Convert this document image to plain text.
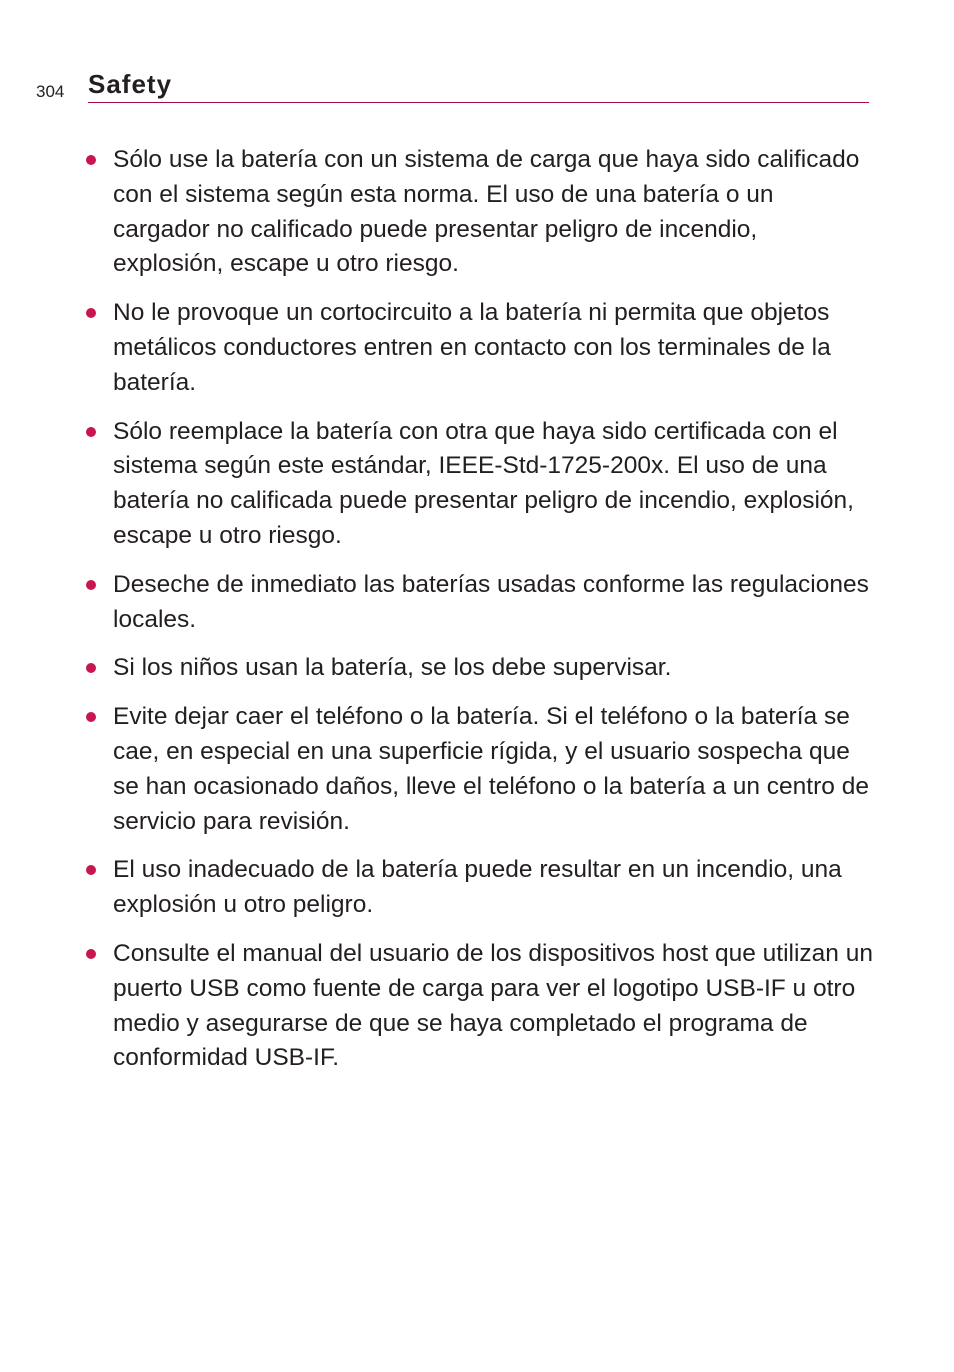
304 Safety
Sólo use la batería con un sistema de carga que haya sido calificado con el sistema según esta norma. El uso de una batería o un cargador no calificado puede presentar peligro de incendio, explosión, escape u otro riesgo.
No le provoque un cortocircuito a la batería ni permita que objetos metálicos conductores entren en contacto con los terminales de la batería.
Sólo reemplace la batería con otra que haya sido certificada con el sistema según este estándar, IEEE-Std-1725-200x. El uso de una batería no calificada puede presentar peligro de incendio, explosión, escape u otro riesgo.
Deseche de inmediato las baterías usadas conforme las regulaciones locales.
Si los niños usan la batería, se los debe supervisar.
Evite dejar caer el teléfono o la batería. Si el teléfono o la batería se cae, en especial en una superficie rígida, y el usuario sospecha que se han ocasionado daños, lleve el teléfono o la batería a un centro de servicio para revisión.
El uso inadecuado de la batería puede resultar en un incendio, una explosión u otro peligro.
Consulte el manual del usuario de los dispositivos host que utilizan un puerto USB como fuente de carga para ver el logotipo USB-IF u otro medio y asegurarse de que se haya completado el programa de conformidad USB-IF.
